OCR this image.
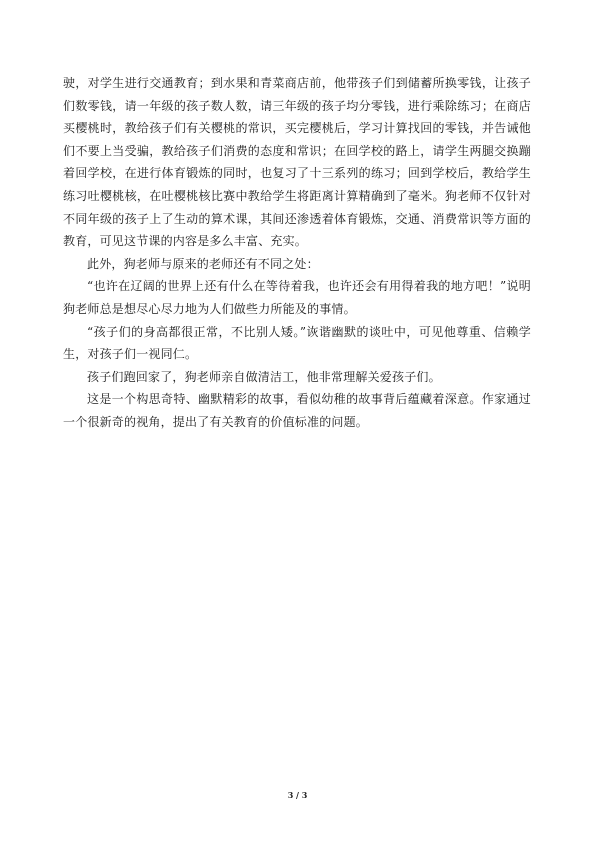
驶，对学生进行交通教育；到水果和青菜商店前，他带孩子们到储蓄所换零钱，让孩子们数零钱，请一年级的孩子数人数，请三年级的孩子均分零钱，进行乘除练习；在商店买樱桃时，教给孩子们有关樱桃的常识，买完樱桃后，学习计算找回的零钱，并告诫他们不要上当受骗，教给孩子们消费的态度和常识；在回学校的路上，请学生两腿交换蹦着回学校，在进行体育锻炼的同时，也复习了十三系列的练习；回到学校后，教给学生练习吐樱桃核，在吐樱桃核比赛中教给学生将距离计算精确到了毫米。狗老师不仅针对不同年级的孩子上了生动的算术课，其间还渗透着体育锻炼，交通、消费常识等方面的教育，可见这节课的内容是多么丰富、充实。

此外，狗老师与原来的老师还有不同之处：

“也许在辽阔的世界上还有什么在等待着我，也许还会有用得着我的地方吧！”说明狗老师总是想尽心尽力地为人们做些力所能及的事情。

“孩子们的身高都很正常，不比别人矮。”诙谐幽默的谈吐中，可见他尊重、信赖学生，对孩子们一视同仁。

孩子们跑回家了，狗老师亲自做清洁工，他非常理解关爱孩子们。

这是一个构思奇特、幽默精彩的故事，看似幼稚的故事背后蕴藏着深意。作家通过一个很新奇的视角，提出了有关教育的价值标准的问题。

3 / 3
